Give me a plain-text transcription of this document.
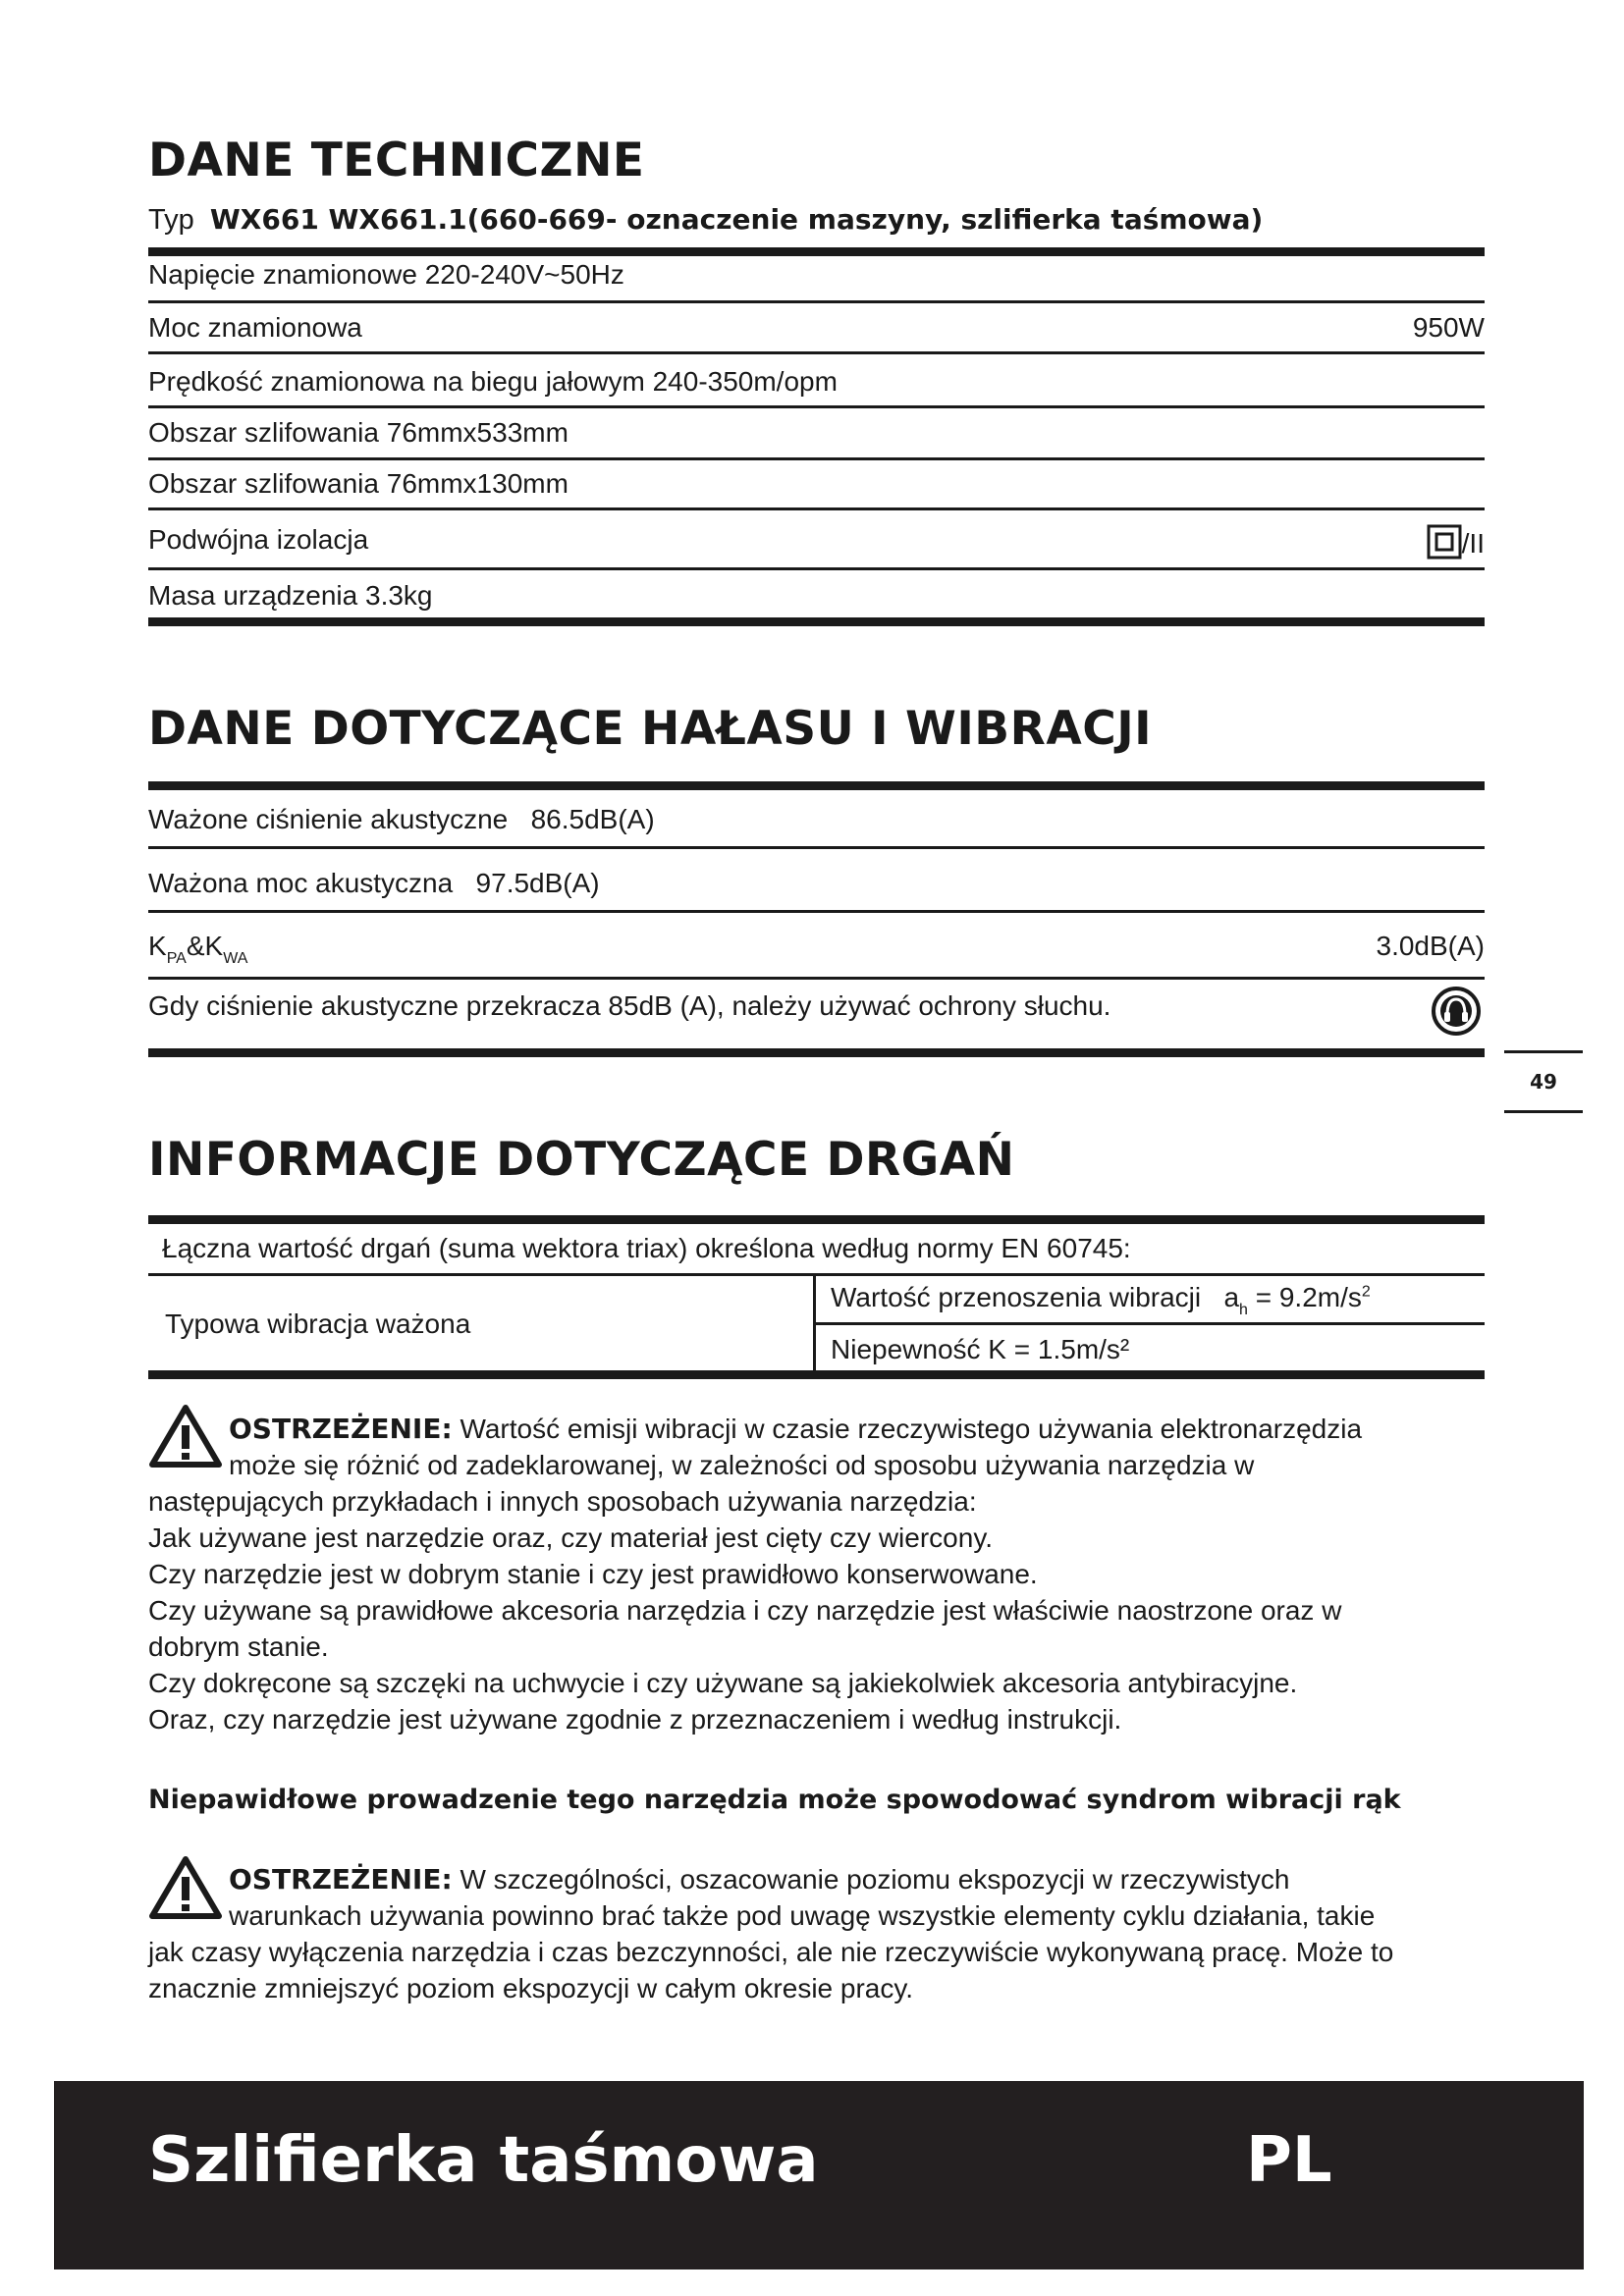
DANE TECHNICZNE
Typ WX661 WX661.1(660-669- oznaczenie maszyny, szlifierka taśmowa)
Napięcie znamionowe 220-240V~50Hz
Moc znamionowa	950W
Prędkość znamionowa na biegu jałowym 240-350m/opm
Obszar szlifowania 76mmx533mm
Obszar szlifowania 76mmx130mm
Podwójna izolacja	/II
Masa urządzenia 3.3kg
DANE DOTYCZĄCE HAŁASU I WIBRACJI
Ważone ciśnienie akustyczne 86.5dB(A)
Ważona moc akustyczna 97.5dB(A)
$K_{PA}\&K_{WA}$	3.0dB(A)
Gdy ciśnienie akustyczne przekracza 85dB (A), należy używać ochrony słuchu.
49
INFORMACJE DOTYCZĄCE DRGAŃ
Łączna wartość drgań (suma wektora triax) określona według normy EN 60745:
Typowa wibracja ważona
Wartość przenoszenia wibracji $a_h = 9.2m/s^2$
Niepewność K = 1.5m/s²
OSTRZEŻENIE: Wartość emisji wibracji w czasie rzeczywistego używania elektronarzędzia
może się różnić od zadeklarowanej, w zależności od sposobu używania narzędzia w
następujących przykładach i innych sposobach używania narzędzia:
Jak używane jest narzędzie oraz, czy materiał jest cięty czy wiercony.
Czy narzędzie jest w dobrym stanie i czy jest prawidłowo konserwowane.
Czy używane są prawidłowe akcesoria narzędzia i czy narzędzie jest właściwie naostrzone oraz w
dobrym stanie.
Czy dokręcone są szczęki na uchwycie i czy używane są jakiekolwiek akcesoria antybiracyjne.
Oraz, czy narzędzie jest używane zgodnie z przeznaczeniem i według instrukcji.
Niepawidłowe prowadzenie tego narzędzia może spowodować syndrom wibracji rąk
OSTRZEŻENIE: W szczególności, oszacowanie poziomu ekspozycji w rzeczywistych
warunkach używania powinno brać także pod uwagę wszystkie elementy cyklu działania, takie
jak czasy wyłączenia narzędzia i czas bezczynności, ale nie rzeczywiście wykonywaną pracę. Może to
znacznie zmniejszyć poziom ekspozycji w całym okresie pracy.
Szlifierka taśmowa	PL
